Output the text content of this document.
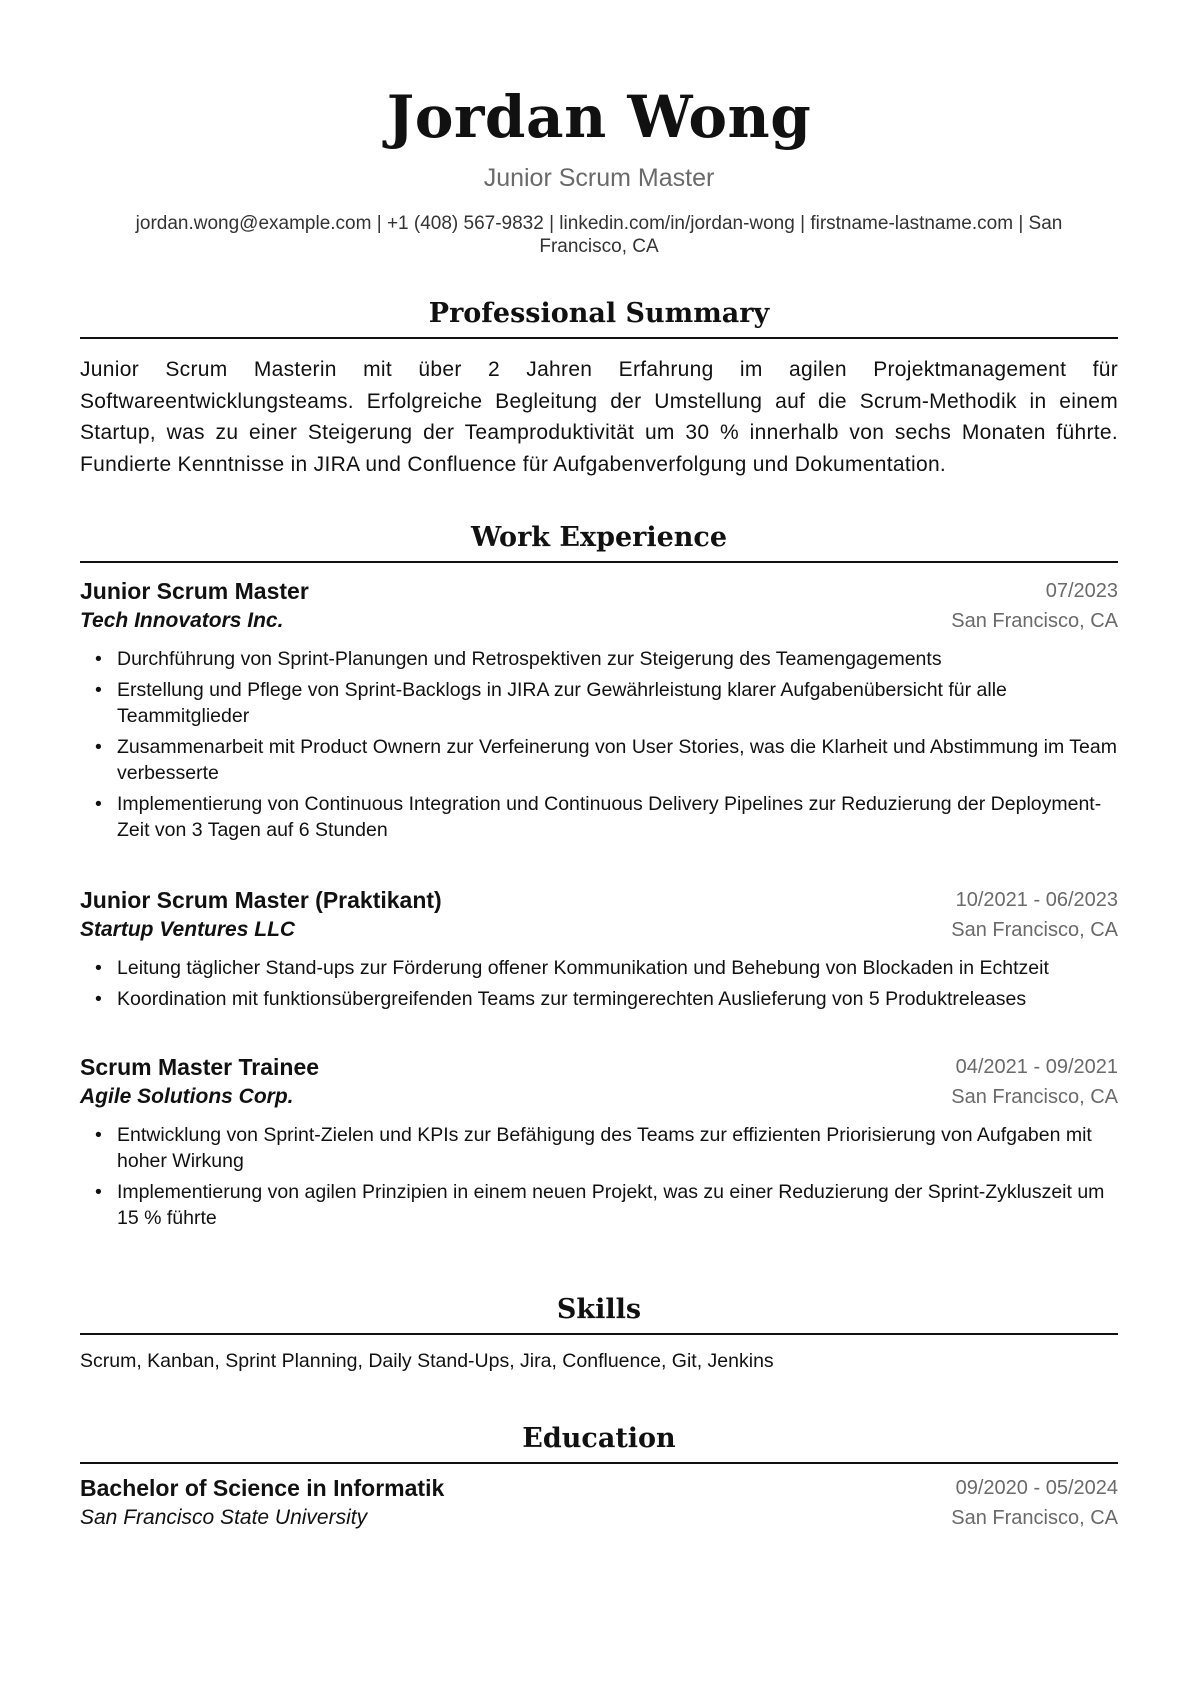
Jordan Wong
Junior Scrum Master
jordan.wong@example.com | +1 (408) 567-9832 | linkedin.com/in/jordan-wong | firstname-lastname.com | San Francisco, CA
Professional Summary

Junior Scrum Masterin mit über 2 Jahren Erfahrung im agilen Projektmanagement für Softwareentwicklungsteams. Erfolgreiche Begleitung der Umstellung auf die Scrum-Methodik in einem Startup, was zu einer Steigerung der Teamproduktivität um 30 % innerhalb von sechs Monaten führte. Fundierte Kenntnisse in JIRA und Confluence für Aufgabenverfolgung und Dokumentation.

Work Experience
Junior Scrum Master	07/2023
Tech Innovators Inc.	San Francisco, CA
• Durchführung von Sprint-Planungen und Retrospektiven zur Steigerung des Teamengagements
• Erstellung und Pflege von Sprint-Backlogs in JIRA zur Gewährleistung klarer Aufgabenübersicht für alle Teammitglieder
• Zusammenarbeit mit Product Ownern zur Verfeinerung von User Stories, was die Klarheit und Abstimmung im Team verbesserte
• Implementierung von Continuous Integration und Continuous Delivery Pipelines zur Reduzierung der Deployment-Zeit von 3 Tagen auf 6 Stunden
Junior Scrum Master (Praktikant)	10/2021 - 06/2023
Startup Ventures LLC	San Francisco, CA
• Leitung täglicher Stand-ups zur Förderung offener Kommunikation und Behebung von Blockaden in Echtzeit
• Koordination mit funktionsübergreifenden Teams zur termingerechten Auslieferung von 5 Produktreleases
Scrum Master Trainee	04/2021 - 09/2021
Agile Solutions Corp.	San Francisco, CA
• Entwicklung von Sprint-Zielen und KPIs zur Befähigung des Teams zur effizienten Priorisierung von Aufgaben mit hoher Wirkung
• Implementierung von agilen Prinzipien in einem neuen Projekt, was zu einer Reduzierung der Sprint-Zykluszeit um 15 % führte
Skills
Scrum, Kanban, Sprint Planning, Daily Stand-Ups, Jira, Confluence, Git, Jenkins
Education
Bachelor of Science in Informatik	09/2020 - 05/2024
San Francisco State University	San Francisco, CA
